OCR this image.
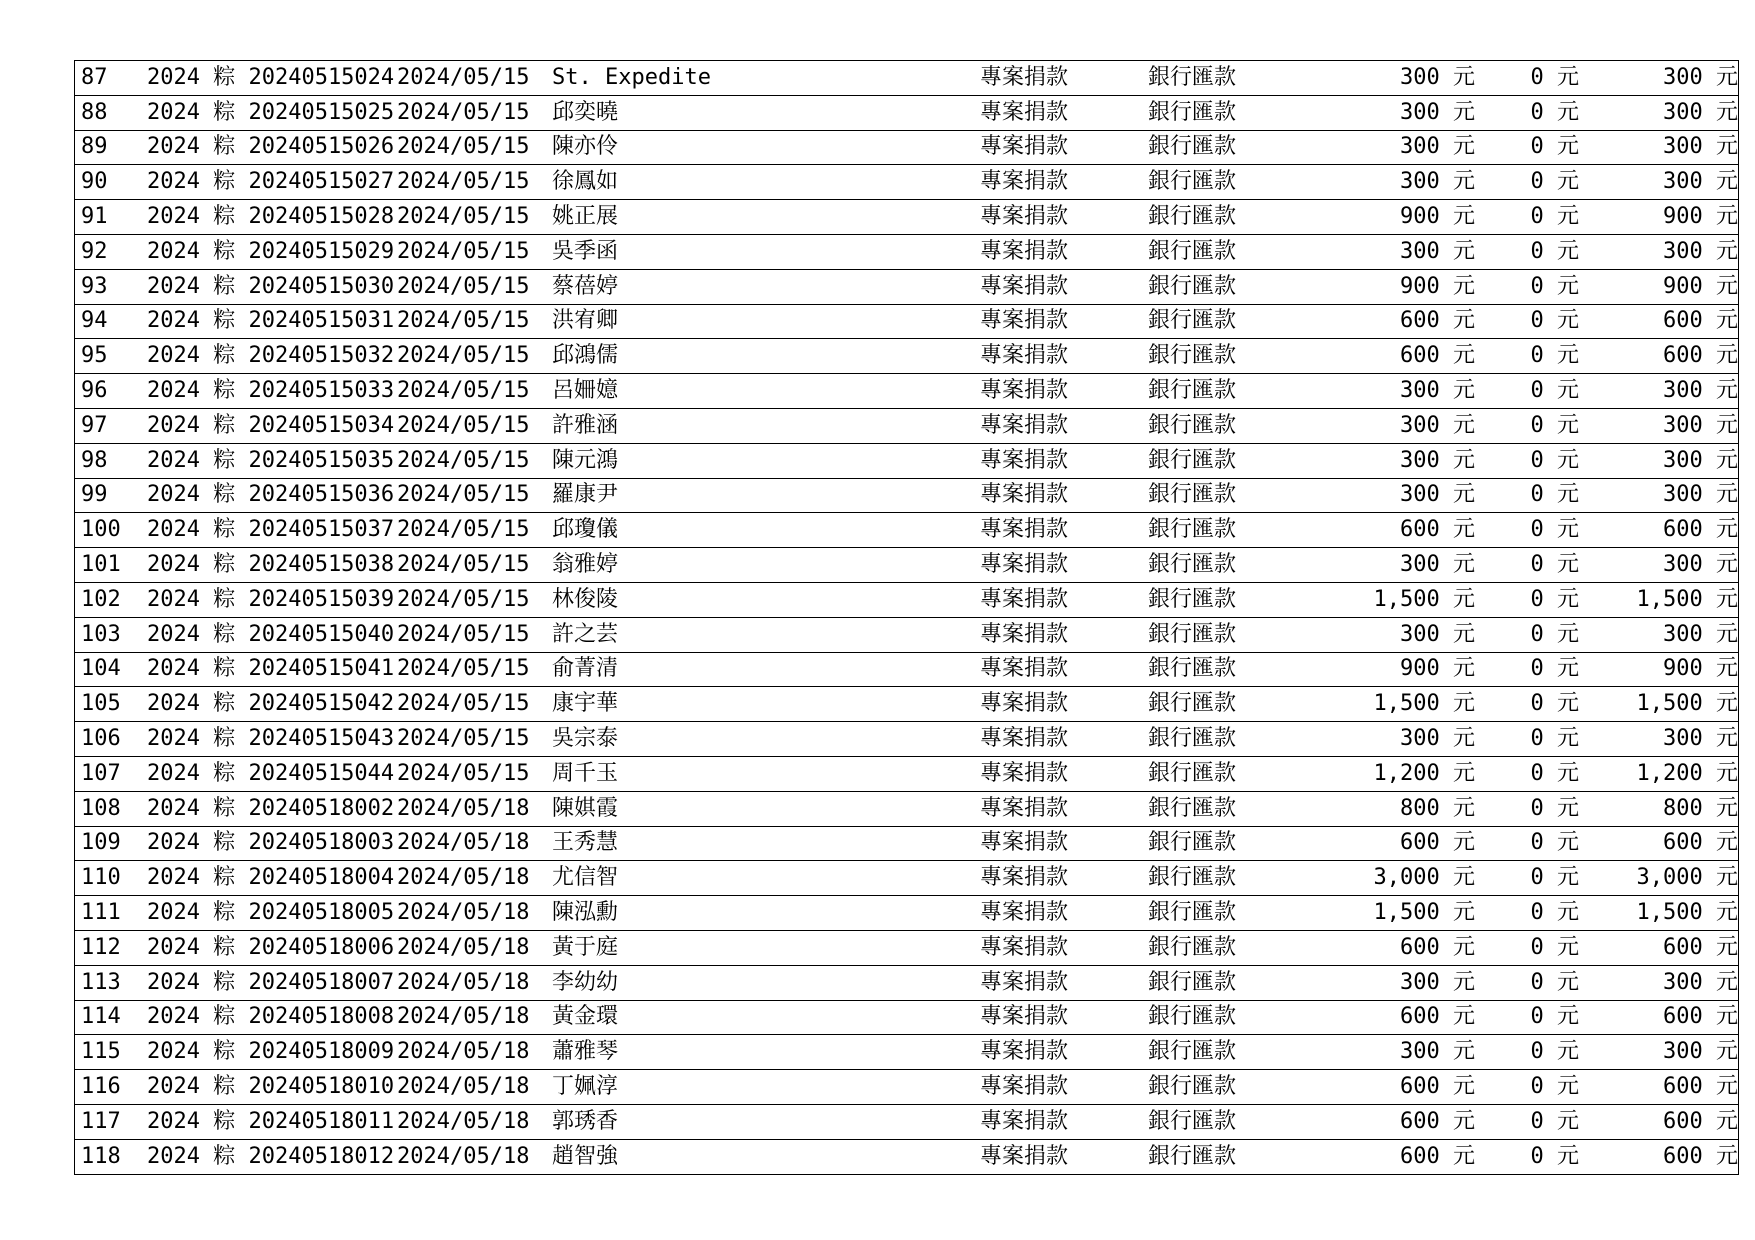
87	2024 粽 20240515024	2024/05/15	St. Expedite	專案捐款	銀行匯款	300 元	0 元	300 元
88	2024 粽 20240515025	2024/05/15	邱奕曉	專案捐款	銀行匯款	300 元	0 元	300 元
89	2024 粽 20240515026	2024/05/15	陳亦伶	專案捐款	銀行匯款	300 元	0 元	300 元
90	2024 粽 20240515027	2024/05/15	徐鳳如	專案捐款	銀行匯款	300 元	0 元	300 元
91	2024 粽 20240515028	2024/05/15	姚正展	專案捐款	銀行匯款	900 元	0 元	900 元
92	2024 粽 20240515029	2024/05/15	吳季函	專案捐款	銀行匯款	300 元	0 元	300 元
93	2024 粽 20240515030	2024/05/15	蔡蓓婷	專案捐款	銀行匯款	900 元	0 元	900 元
94	2024 粽 20240515031	2024/05/15	洪宥卿	專案捐款	銀行匯款	600 元	0 元	600 元
95	2024 粽 20240515032	2024/05/15	邱鴻儒	專案捐款	銀行匯款	600 元	0 元	600 元
96	2024 粽 20240515033	2024/05/15	呂姍嬑	專案捐款	銀行匯款	300 元	0 元	300 元
97	2024 粽 20240515034	2024/05/15	許雅涵	專案捐款	銀行匯款	300 元	0 元	300 元
98	2024 粽 20240515035	2024/05/15	陳元鴻	專案捐款	銀行匯款	300 元	0 元	300 元
99	2024 粽 20240515036	2024/05/15	羅康尹	專案捐款	銀行匯款	300 元	0 元	300 元
100	2024 粽 20240515037	2024/05/15	邱瓊儀	專案捐款	銀行匯款	600 元	0 元	600 元
101	2024 粽 20240515038	2024/05/15	翁雅婷	專案捐款	銀行匯款	300 元	0 元	300 元
102	2024 粽 20240515039	2024/05/15	林俊陵	專案捐款	銀行匯款	1,500 元	0 元	1,500 元
103	2024 粽 20240515040	2024/05/15	許之芸	專案捐款	銀行匯款	300 元	0 元	300 元
104	2024 粽 20240515041	2024/05/15	俞菁清	專案捐款	銀行匯款	900 元	0 元	900 元
105	2024 粽 20240515042	2024/05/15	康宇華	專案捐款	銀行匯款	1,500 元	0 元	1,500 元
106	2024 粽 20240515043	2024/05/15	吳宗泰	專案捐款	銀行匯款	300 元	0 元	300 元
107	2024 粽 20240515044	2024/05/15	周千玉	專案捐款	銀行匯款	1,200 元	0 元	1,200 元
108	2024 粽 20240518002	2024/05/18	陳娸霞	專案捐款	銀行匯款	800 元	0 元	800 元
109	2024 粽 20240518003	2024/05/18	王秀慧	專案捐款	銀行匯款	600 元	0 元	600 元
110	2024 粽 20240518004	2024/05/18	尤信智	專案捐款	銀行匯款	3,000 元	0 元	3,000 元
111	2024 粽 20240518005	2024/05/18	陳泓勳	專案捐款	銀行匯款	1,500 元	0 元	1,500 元
112	2024 粽 20240518006	2024/05/18	黃于庭	專案捐款	銀行匯款	600 元	0 元	600 元
113	2024 粽 20240518007	2024/05/18	李幼幼	專案捐款	銀行匯款	300 元	0 元	300 元
114	2024 粽 20240518008	2024/05/18	黃金環	專案捐款	銀行匯款	600 元	0 元	600 元
115	2024 粽 20240518009	2024/05/18	蕭雅琴	專案捐款	銀行匯款	300 元	0 元	300 元
116	2024 粽 20240518010	2024/05/18	丁姵淳	專案捐款	銀行匯款	600 元	0 元	600 元
117	2024 粽 20240518011	2024/05/18	郭琇香	專案捐款	銀行匯款	600 元	0 元	600 元
118	2024 粽 20240518012	2024/05/18	趙智強	專案捐款	銀行匯款	600 元	0 元	600 元
